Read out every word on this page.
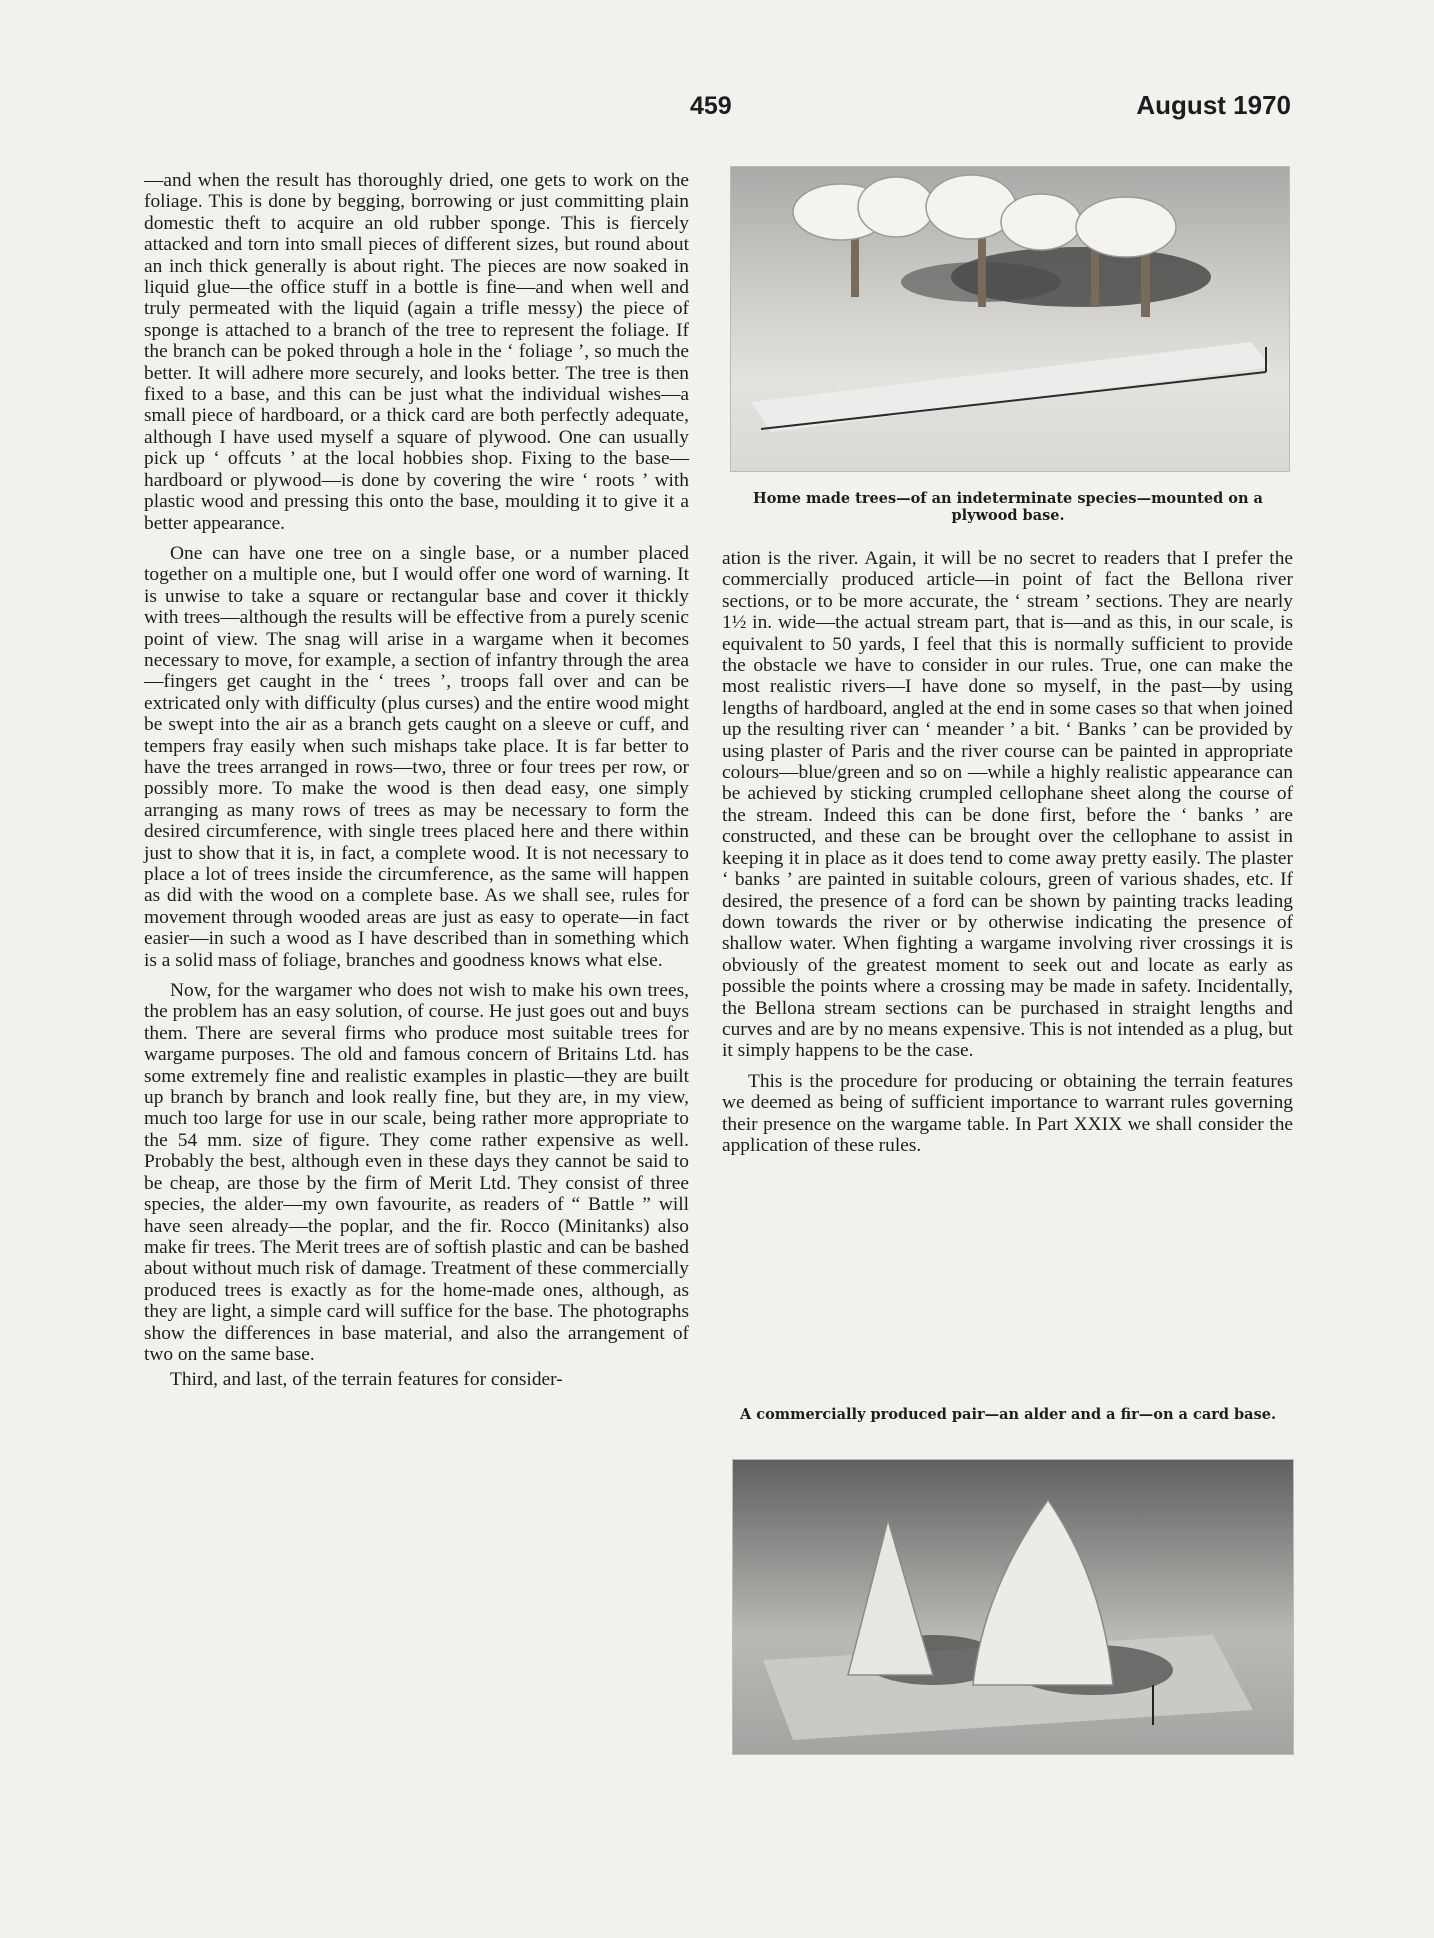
459	August 1970

—and when the result has thoroughly dried, one gets to work on the foliage. This is done by begging, borrowing or just committing plain domestic theft to acquire an old rubber sponge. This is fiercely attacked and torn into small pieces of different sizes, but round about an inch thick generally is about right. The pieces are now soaked in liquid glue—the office stuff in a bottle is fine—and when well and truly permeated with the liquid (again a trifle messy) the piece of sponge is attached to a branch of the tree to represent the foliage. If the branch can be poked through a hole in the ‘ foliage ’, so much the better. It will adhere more securely, and looks better. The tree is then fixed to a base, and this can be just what the individual wishes—a small piece of hardboard, or a thick card are both perfectly adequate, although I have used myself a square of plywood. One can usually pick up ‘ offcuts ’ at the local hobbies shop. Fixing to the base—hardboard or plywood—is done by covering the wire ‘ roots ’ with plastic wood and pressing this onto the base, moulding it to give it a better appearance.

One can have one tree on a single base, or a number placed together on a multiple one, but I would offer one word of warning. It is unwise to take a square or rectangular base and cover it thickly with trees—although the results will be effective from a purely scenic point of view. The snag will arise in a wargame when it becomes necessary to move, for example, a section of infantry through the area—fingers get caught in the ‘ trees ’, troops fall over and can be extricated only with difficulty (plus curses) and the entire wood might be swept into the air as a branch gets caught on a sleeve or cuff, and tempers fray easily when such mishaps take place. It is far better to have the trees arranged in rows—two, three or four trees per row, or possibly more. To make the wood is then dead easy, one simply arranging as many rows of trees as may be necessary to form the desired circumference, with single trees placed here and there within just to show that it is, in fact, a complete wood. It is not necessary to place a lot of trees inside the circumference, as the same will happen as did with the wood on a complete base. As we shall see, rules for movement through wooded areas are just as easy to operate—in fact easier—in such a wood as I have described than in something which is a solid mass of foliage, branches and goodness knows what else.

Now, for the wargamer who does not wish to make his own trees, the problem has an easy solution, of course. He just goes out and buys them. There are several firms who produce most suitable trees for wargame purposes. The old and famous concern of Britains Ltd. has some extremely fine and realistic examples in plastic—they are built up branch by branch and look really fine, but they are, in my view, much too large for use in our scale, being rather more appropriate to the 54 mm. size of figure. They come rather expensive as well. Probably the best, although even in these days they cannot be said to be cheap, are those by the firm of Merit Ltd. They consist of three species, the alder—my own favourite, as readers of “ Battle ” will have seen already—the poplar, and the fir. Rocco (Minitanks) also make fir trees. The Merit trees are of softish plastic and can be bashed about without much risk of damage. Treatment of these commercially produced trees is exactly as for the home-made ones, although, as they are light, a simple card will suffice for the base. The photographs show the differences in base material, and also the arrangement of two on the same base.

Third, and last, of the terrain features for consider-

Home made trees—of an indeterminate species—mounted on a plywood base.

ation is the river. Again, it will be no secret to readers that I prefer the commercially produced article—in point of fact the Bellona river sections, or to be more accurate, the ‘ stream ’ sections. They are nearly 1½ in. wide—the actual stream part, that is—and as this, in our scale, is equivalent to 50 yards, I feel that this is normally sufficient to provide the obstacle we have to consider in our rules. True, one can make the most realistic rivers—I have done so myself, in the past—by using lengths of hardboard, angled at the end in some cases so that when joined up the resulting river can ‘ meander ’ a bit. ‘ Banks ’ can be provided by using plaster of Paris and the river course can be painted in appropriate colours—blue/green and so on —while a highly realistic appearance can be achieved by sticking crumpled cellophane sheet along the course of the stream. Indeed this can be done first, before the ‘ banks ’ are constructed, and these can be brought over the cellophane to assist in keeping it in place as it does tend to come away pretty easily. The plaster ‘ banks ’ are painted in suitable colours, green of various shades, etc. If desired, the presence of a ford can be shown by painting tracks leading down towards the river or by otherwise indicating the presence of shallow water. When fighting a wargame involving river crossings it is obviously of the greatest moment to seek out and locate as early as possible the points where a crossing may be made in safety. Incidentally, the Bellona stream sections can be purchased in straight lengths and curves and are by no means expensive. This is not intended as a plug, but it simply happens to be the case.

This is the procedure for producing or obtaining the terrain features we deemed as being of sufficient importance to warrant rules governing their presence on the wargame table. In Part XXIX we shall consider the application of these rules.

A commercially produced pair—an alder and a fir—on a card base.
